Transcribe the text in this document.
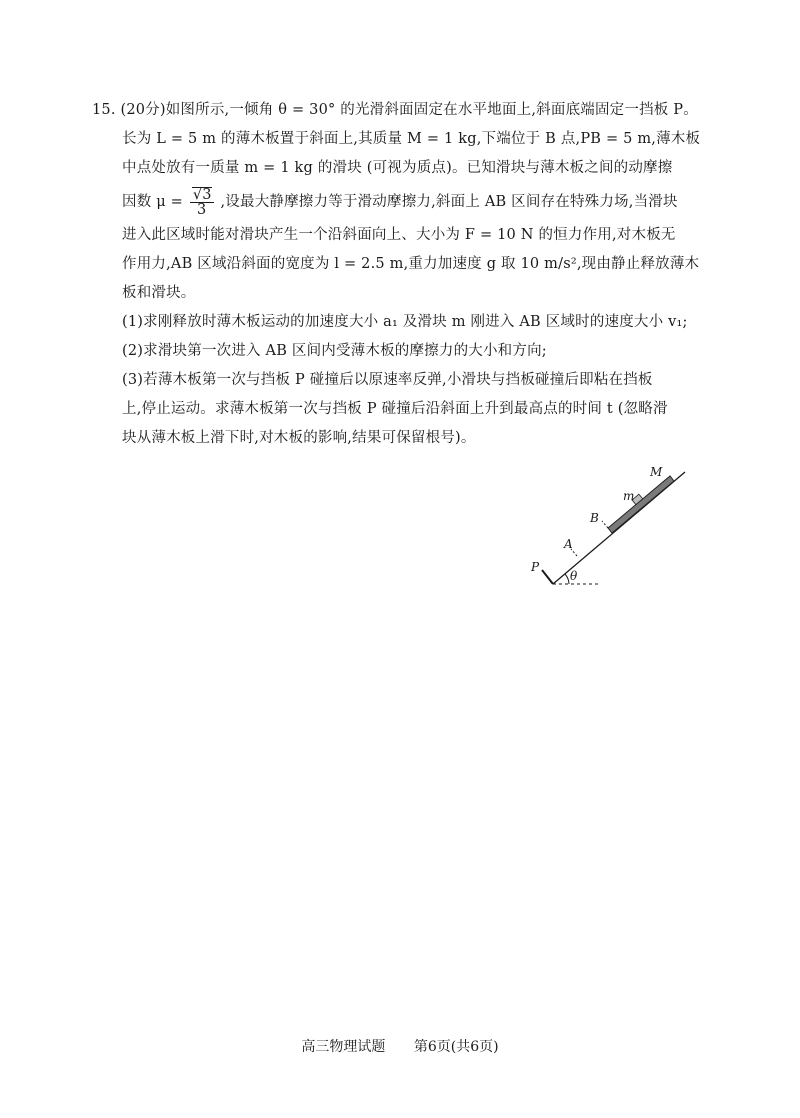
15. (20分)如图所示,一倾角 θ = 30° 的光滑斜面固定在水平地面上,斜面底端固定一挡板 P。
长为 L = 5 m 的薄木板置于斜面上,其质量 M = 1 kg,下端位于 B 点,PB = 5 m,薄木板
中点处放有一质量 m = 1 kg 的滑块 (可视为质点)。已知滑块与薄木板之间的动摩擦
因数 $\mu = \frac{√3}{3}$ ,设最大静摩擦力等于滑动摩擦力,斜面上 AB 区间存在特殊力场,当滑块
进入此区域时能对滑块产生一个沿斜面向上、大小为 F = 10 N 的恒力作用,对木板无
作用力,AB 区域沿斜面的宽度为 l = 2.5 m,重力加速度 g 取 10 m/s²,现由静止释放薄木
板和滑块。
(1)求刚释放时薄木板运动的加速度大小 a₁ 及滑块 m 刚进入 AB 区域时的速度大小 v₁;
(2)求滑块第一次进入 AB 区间内受薄木板的摩擦力的大小和方向;
(3)若薄木板第一次与挡板 P 碰撞后以原速率反弹,小滑块与挡板碰撞后即粘在挡板
上,停止运动。求薄木板第一次与挡板 P 碰撞后沿斜面上升到最高点的时间 t (忽略滑
块从薄木板上滑下时,对木板的影响,结果可保留根号)。
M
m
B
A
P
θ
高三物理试题 第6页(共6页)
